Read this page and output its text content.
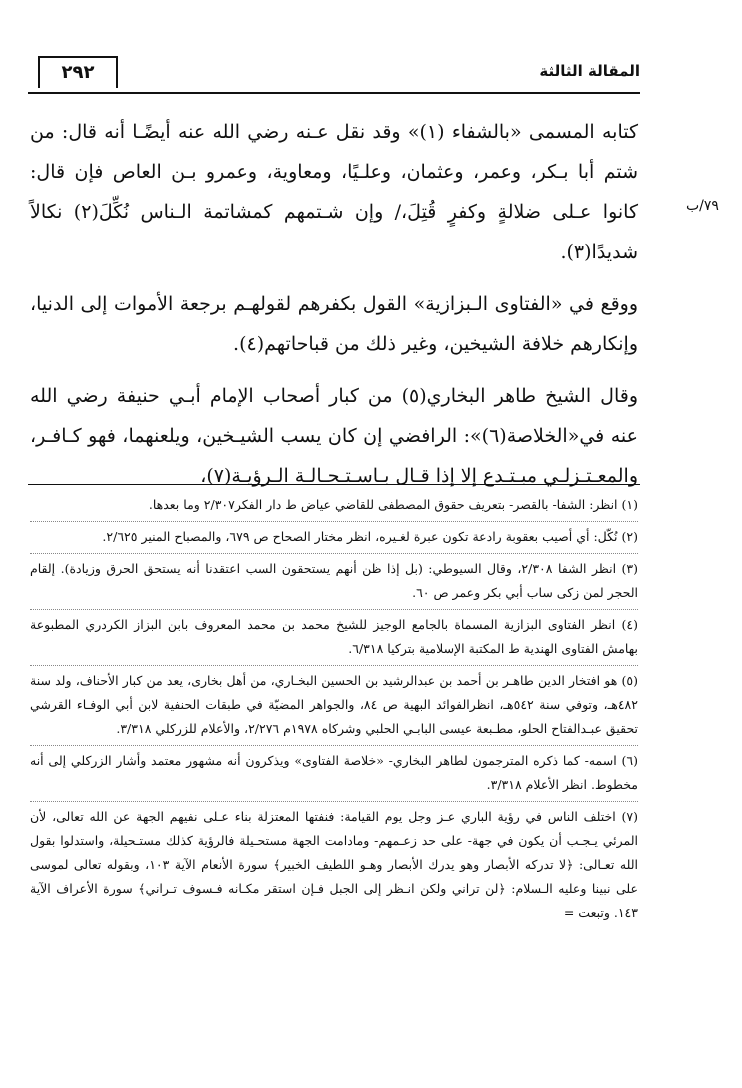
٢٩٢	المقالة الثالثة
٧٩/ب

كتابه المسمى «بالشفاء (١)» وقد نقل عـنه رضي الله عنه أيضًـا أنه قال: من شتم أبا بـكر، وعمر، وعثمان، وعلـيًا، ومعاوية، وعمرو بـن العاص فإن قال: كانوا عـلى ضلالةٍ وكفرٍ قُتِلَ،/ وإن شـتمهم كمشاتمة الـناس نُكِّلَ(٢) نكالاً شديدًا(٣).

ووقع في «الفتاوى الـبزازية» القول بكفرهم لقولهـم برجعة الأموات إلى الدنيا، وإنكارهم خلافة الشيخين، وغير ذلك من قباحاتهم(٤).

وقال الشيخ طاهر البخاري(٥) من كبار أصحاب الإمام أبـي حنيفة رضي الله عنه في«الخلاصة(٦)»: الرافضي إن كان يسب الشيـخين، ويلعنهما، فهو كـافـر، والمعـتـزلـي مبـتـدع إلا إذا قـال بـاسـتـحـالـة الـرؤيـة(٧)،

(١) انظر: الشفا- بالقصر- بتعريف حقوق المصطفى للقاضي عياض ط دار الفكر٢/٣٠٧ وما بعدها.

(٢) نُكّل: أي أصيب بعقوبة رادعة تكون عبرة لغـيره، انظر مختار الصحاح ص ٦٧٩، والمصباح المنير ٢/٦٢٥.

(٣) انظر الشفا ٢/٣٠٨، وقال السيوطي: (بل إذا ظن أنهم يستحقون السب اعتقدنا أنه يستحق الحرق وزيادة). إلقام الحجر لمن زكى ساب أبي بكر وعمر ص ٦٠.

(٤) انظر الفتاوى البزازية المسماة بالجامع الوجيز للشيخ محمد بن محمد المعروف بابن البزاز الكردري المطبوعة بهامش الفتاوى الهندية ط المكتبة الإسلامية بتركيا ٦/٣١٨.

(٥) هو افتخار الدين طاهـر بن أحمد بن عبدالرشيد بن الحسين البخـاري، من أهل بخارى، يعد من كبار الأحناف، ولد سنة ٤٨٢هـ، وتوفي سنة ٥٤٢هـ، انظرالفوائد البهية ص ٨٤، والجواهر المضيّة في طبقات الحنفية لابن أبي الوفـاء القرشي تحقيق عبـدالفتاح الحلو، مطـبعة عيسى البابـي الحلبي وشركاه ١٩٧٨م ٢/٢٧٦، والأعلام للزركلي ٣/٣١٨.

(٦) اسمه- كما ذكره المترجمون لطاهر البخاري- «خلاصة الفتاوى» ويذكرون أنه مشهور معتمد وأشار الزركلي إلى أنه مخطوط. انظر الأعلام ٣/٣١٨.

(٧) اختلف الناس في رؤية الباري عـز وجل يوم القيامة: فنفتها المعتزلة بناء عـلى نفيهم الجهة عن الله تعالى، لأن المرئي يـجـب أن يكون في جهة- على حد زعـمهم- ومادامت الجهة مستحـيلة فالرؤية كذلك مستـحيلة، واستدلوا بقول الله تعـالى: ﴿لا تدركه الأبصار وهو يدرك الأبصار وهـو اللطيف الخبير﴾ سورة الأنعام الآية ١٠٣، وبقوله تعالى لموسى على نبينا وعليه الـسلام: ﴿لن تراني ولكن انـظر إلى الجبل فـإن استقر مكـانه فـسوف تـراني﴾ سورة الأعراف الآية ١٤٣. وتبعت =
